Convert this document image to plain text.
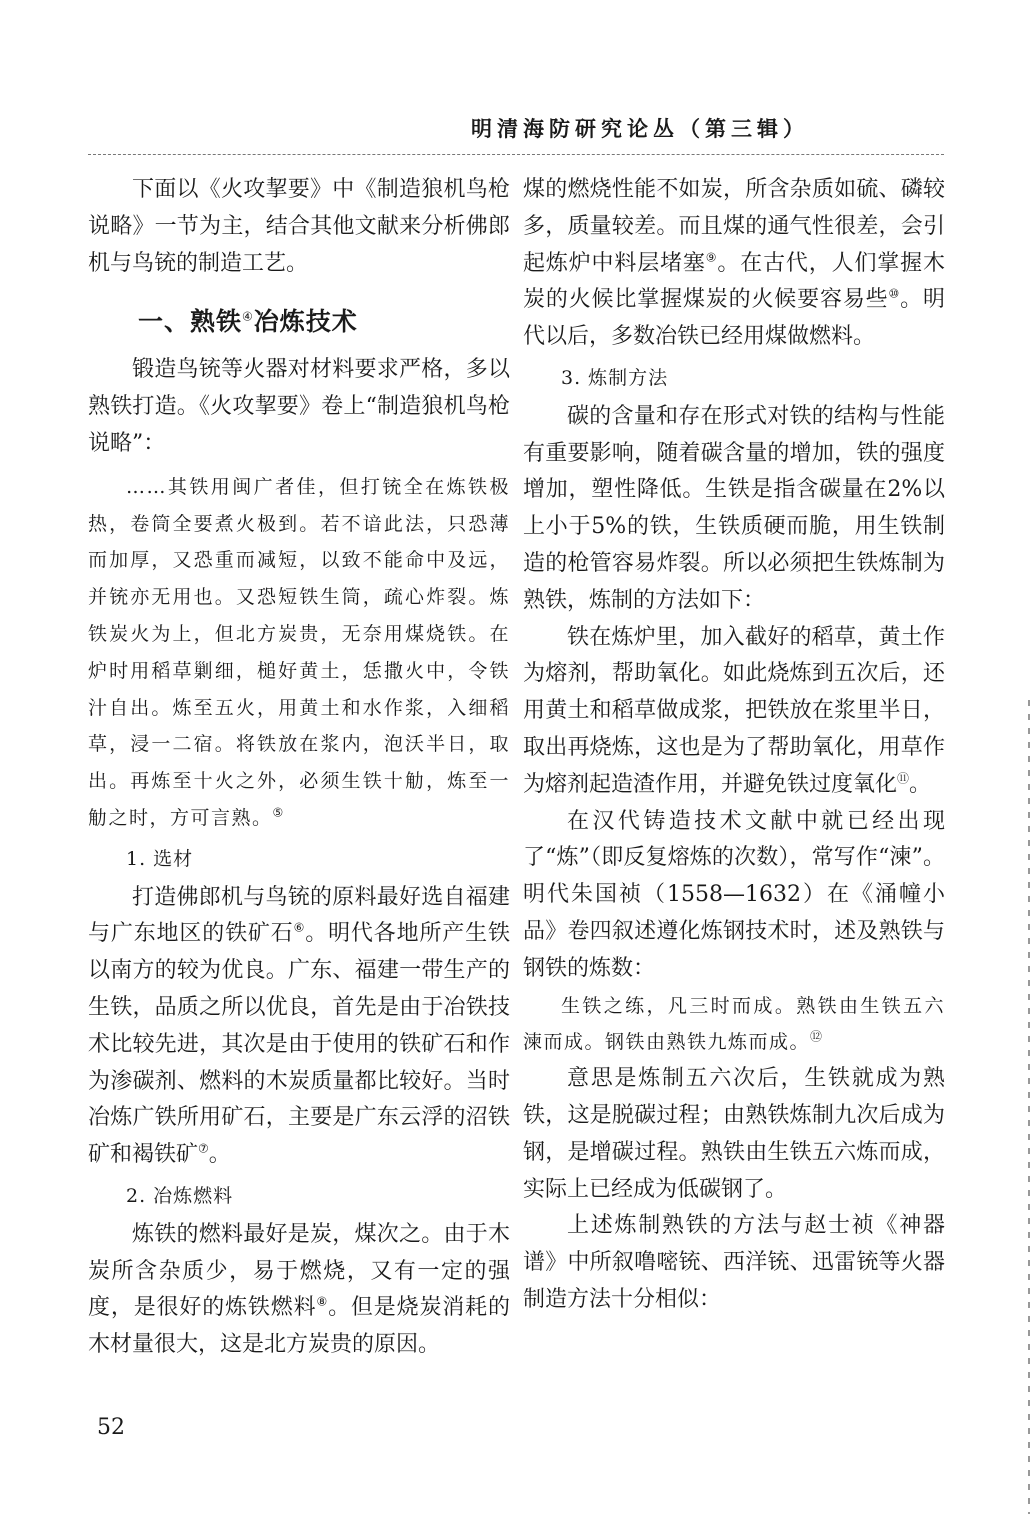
明清海防研究论丛（第三辑）

下面以《火攻挈要》中《制造狼机鸟枪说略》一节为主，结合其他文献来分析佛郎机与鸟铳的制造工艺。

一、熟铁④冶炼技术

锻造鸟铳等火器对材料要求严格，多以熟铁打造。《火攻挈要》卷上“制造狼机鸟枪说略”：

……其铁用闽广者佳，但打铳全在炼铁极热，卷筒全要煮火极到。若不谙此法，只恐薄而加厚，又恐重而减短，以致不能命中及远，并铳亦无用也。又恐短铁生筒，疏心炸裂。炼铁炭火为上，但北方炭贵，无奈用煤烧铁。在炉时用稻草剿细，槌好黄土，恁撒火中，令铁汁自出。炼至五火，用黄土和水作浆，入细稻草，浸一二宿。将铁放在浆内，泡沃半日，取出。再炼至十火之外，必须生铁十觔，炼至一觔之时，方可言熟。⑤

1. 选材

打造佛郎机与鸟铳的原料最好选自福建与广东地区的铁矿石⑥。明代各地所产生铁以南方的较为优良。广东、福建一带生产的生铁，品质之所以优良，首先是由于冶铁技术比较先进，其次是由于使用的铁矿石和作为渗碳剂、燃料的木炭质量都比较好。当时冶炼广铁所用矿石，主要是广东云浮的沼铁矿和褐铁矿⑦。

2. 冶炼燃料

炼铁的燃料最好是炭，煤次之。由于木炭所含杂质少，易于燃烧，又有一定的强度，是很好的炼铁燃料⑧。但是烧炭消耗的木材量很大，这是北方炭贵的原因。

煤的燃烧性能不如炭，所含杂质如硫、磷较多，质量较差。而且煤的通气性很差，会引起炼炉中料层堵塞⑨。在古代，人们掌握木炭的火候比掌握煤炭的火候要容易些⑩。明代以后，多数冶铁已经用煤做燃料。

3. 炼制方法

碳的含量和存在形式对铁的结构与性能有重要影响，随着碳含量的增加，铁的强度增加，塑性降低。生铁是指含碳量在2%以上小于5%的铁，生铁质硬而脆，用生铁制造的枪管容易炸裂。所以必须把生铁炼制为熟铁，炼制的方法如下：

铁在炼炉里，加入截好的稻草，黄土作为熔剂，帮助氧化。如此烧炼到五次后，还用黄土和稻草做成浆，把铁放在浆里半日，取出再烧炼，这也是为了帮助氧化，用草作为熔剂起造渣作用，并避免铁过度氧化⑪。

在汉代铸造技术文献中就已经出现了“炼”（即反复熔炼的次数），常写作“湅”。明代朱国祯（1558—1632）在《涌幢小品》卷四叙述遵化炼钢技术时，述及熟铁与钢铁的炼数：

生铁之练，凡三时而成。熟铁由生铁五六湅而成。钢铁由熟铁九炼而成。⑫

意思是炼制五六次后，生铁就成为熟铁，这是脱碳过程；由熟铁炼制九次后成为钢，是增碳过程。熟铁由生铁五六炼而成，实际上已经成为低碳钢了。

上述炼制熟铁的方法与赵士祯《神器谱》中所叙噜嘧铳、西洋铳、迅雷铳等火器制造方法十分相似：

52
